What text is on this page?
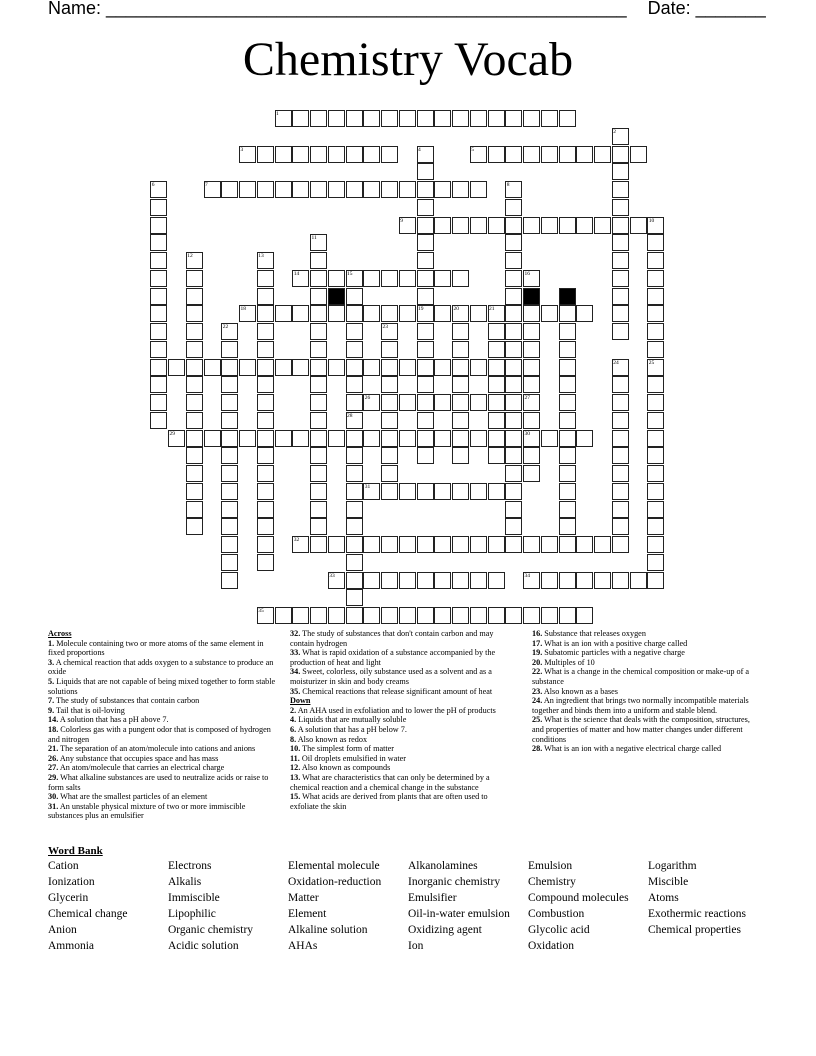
Name: ____________________________________________________ Date: _______
Chemistry Vocab
1
2
3	4	5
6	7	8
9	10
11
12	13
14	15	16
17
18	19	20	21
22	23
24	25
26	27
28
29	30
31
32
33	34
35

Across

1. Molecule containing two or more atoms of the same element in fixed proportions

3. A chemical reaction that adds oxygen to a substance to produce an oxide

5. Liquids that are not capable of being mixed together to form stable solutions

7. The study of substances that contain carbon

9. Tail that is oil-loving

14. A solution that has a pH above 7.

18. Colorless gas with a pungent odor that is composed of hydrogen and nitrogen

21. The separation of an atom/molecule into cations and anions

26. Any substance that occupies space and has mass

27. An atom/molecule that carries an electrical charge

29. What alkaline substances are used to neutralize acids or raise to form salts

30. What are the smallest particles of an element

31. An unstable physical mixture of two or more immiscible substances plus an emulsifier

32. The study of substances that don't contain carbon and may contain hydrogen

33. What is rapid oxidation of a substance accompanied by the production of heat and light

34. Sweet, colorless, oily substance used as a solvent and as a moisturizer in skin and body creams

35. Chemical reactions that release significant amount of heat

Down

2. An AHA used in exfoliation and to lower the pH of products

4. Liquids that are mutually soluble

6. A solution that has a pH below 7.

8. Also known as redox

10. The simplest form of matter

11. Oil droplets emulsified in water

12. Also known as compounds

13. What are characteristics that can only be determined by a chemical reaction and a chemical change in the substance

15. What acids are derived from plants that are often used to exfoliate the skin

16. Substance that releases oxygen

17. What is an ion with a positive charge called

19. Subatomic particles with a negative charge

20. Multiples of 10

22. What is a change in the chemical composition or make-up of a substance

23. Also known as a bases

24. An ingredient that brings two normally incompatible materials together and binds them into a uniform and stable blend.

25. What is the science that deals with the composition, structures, and properties of matter and how matter changes under different conditions

28. What is an ion with a negative electrical charge called

Word Bank
Cation	Electrons	Elemental molecule	Alkanolamines	Emulsion	Logarithm
Ionization	Alkalis	Oxidation-reduction	Inorganic chemistry	Chemistry	Miscible
Glycerin	Immiscible	Matter	Emulsifier	Compound molecules	Atoms
Chemical change	Lipophilic	Element	Oil-in-water emulsion	Combustion	Exothermic reactions
Anion	Organic chemistry	Alkaline solution	Oxidizing agent	Glycolic acid	Chemical properties
Ammonia	Acidic solution	AHAs	Ion	Oxidation
